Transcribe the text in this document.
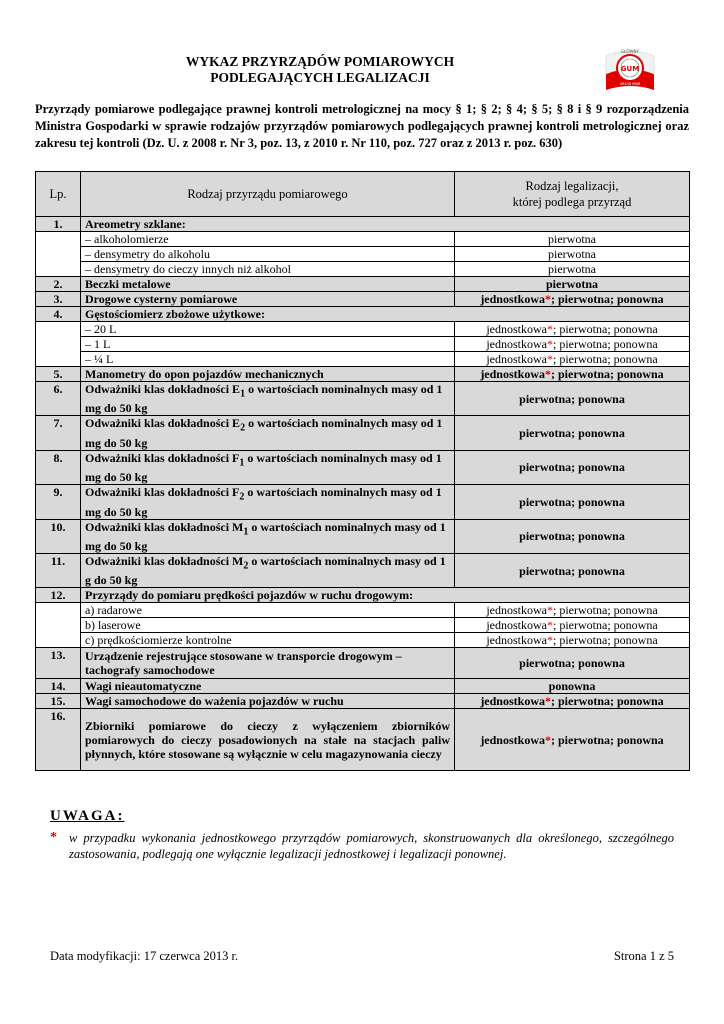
WYKAZ PRZYRZĄDÓW POMIAROWYCH
PODLEGAJĄCYCH LEGALIZACJI
GŁÓWNY
GUM
URZĄD MIAR
Przyrządy pomiarowe podlegające prawnej kontroli metrologicznej na mocy § 1; § 2; § 4; § 5; § 8 i § 9 rozporządzenia Ministra Gospodarki w sprawie rodzajów przyrządów pomiarowych podlegających prawnej kontroli metrologicznej oraz zakresu tej kontroli (Dz. U. z 2008 r. Nr 3, poz. 13, z 2010 r. Nr 110, poz. 727 oraz z 2013 r. poz. 630)
Lp.	Rodzaj przyrządu pomiarowego	Rodzaj legalizacji,
której podlega przyrząd

1.	Areometry szklane:	
	– alkoholomierze	pierwotna
	– densymetry do alkoholu	pierwotna
	– densymetry do cieczy innych niż alkohol	pierwotna
2.	Beczki metalowe	pierwotna
3.	Drogowe cysterny pomiarowe	jednostkowa*; pierwotna; ponowna
4.	Gęstościomierz zbożowe użytkowe:	
	– 20 L	jednostkowa*; pierwotna; ponowna
	– 1 L	jednostkowa*; pierwotna; ponowna
	– ¼ L	jednostkowa*; pierwotna; ponowna
5.	Manometry do opon pojazdów mechanicznych	jednostkowa*; pierwotna; ponowna
6.	Odważniki klas dokładności $E_1$ o wartościach nominalnych masy od 1 mg do 50 kg	pierwotna; ponowna
7.	Odważniki klas dokładności $E_2$ o wartościach nominalnych masy od 1 mg do 50 kg	pierwotna; ponowna
8.	Odważniki klas dokładności $F_1$ o wartościach nominalnych masy od 1 mg do 50 kg	pierwotna; ponowna
9.	Odważniki klas dokładności $F_2$ o wartościach nominalnych masy od 1 mg do 50 kg	pierwotna; ponowna
10.	Odważniki klas dokładności $M_1$ o wartościach nominalnych masy od 1 mg do 50 kg	pierwotna; ponowna
11.	Odważniki klas dokładności $M_2$ o wartościach nominalnych masy od 1 g do 50 kg	pierwotna; ponowna
12.	Przyrządy do pomiaru prędkości pojazdów w ruchu drogowym:	
	a) radarowe	jednostkowa*; pierwotna; ponowna
	b) laserowe	jednostkowa*; pierwotna; ponowna
	c) prędkościomierze kontrolne	jednostkowa*; pierwotna; ponowna
13.	Urządzenie rejestrujące stosowane w transporcie drogowym – tachografy samochodowe	pierwotna; ponowna
14.	Wagi nieautomatyczne	ponowna
15.	Wagi samochodowe do ważenia pojazdów w ruchu	jednostkowa*; pierwotna; ponowna
16.	Zbiorniki pomiarowe do cieczy z wyłączeniem zbiorników pomiarowych do cieczy posadowionych na stałe na stacjach paliw płynnych, które stosowane są wyłącznie w celu magazynowania cieczy	jednostkowa*; pierwotna; ponowna
UWAGA:
* w przypadku wykonania jednostkowego przyrządów pomiarowych, skonstruowanych dla określonego, szczególnego zastosowania, podlegają one wyłącznie legalizacji jednostkowej i legalizacji ponownej.
Data modyfikacji: 17 czerwca 2013 r.	Strona 1 z 5
